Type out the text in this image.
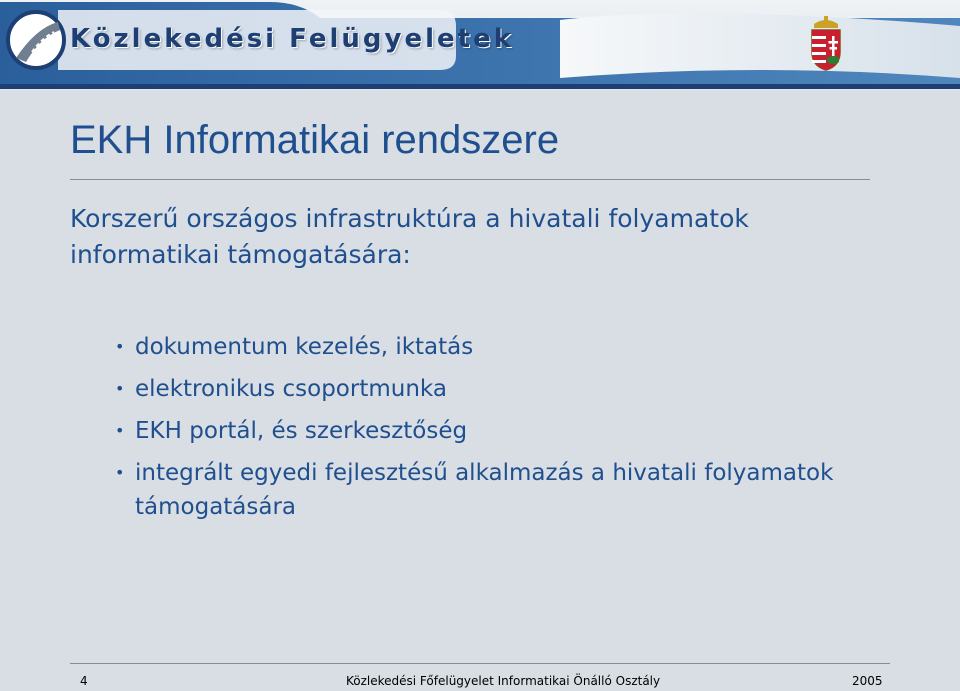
Közlekedési Felügyeletek
EKH Informatikai rendszere

Korszerű országos infrastruktúra a hivatali folyamatok informatikai támogatására:

• dokumentum kezelés, iktatás
• elektronikus csoportmunka
• EKH portál, és szerkesztőség
• integrált egyedi fejlesztésű alkalmazás a hivatali folyamatok támogatására
4	Közlekedési Főfelügyelet Informatikai Önálló Osztály	2005
